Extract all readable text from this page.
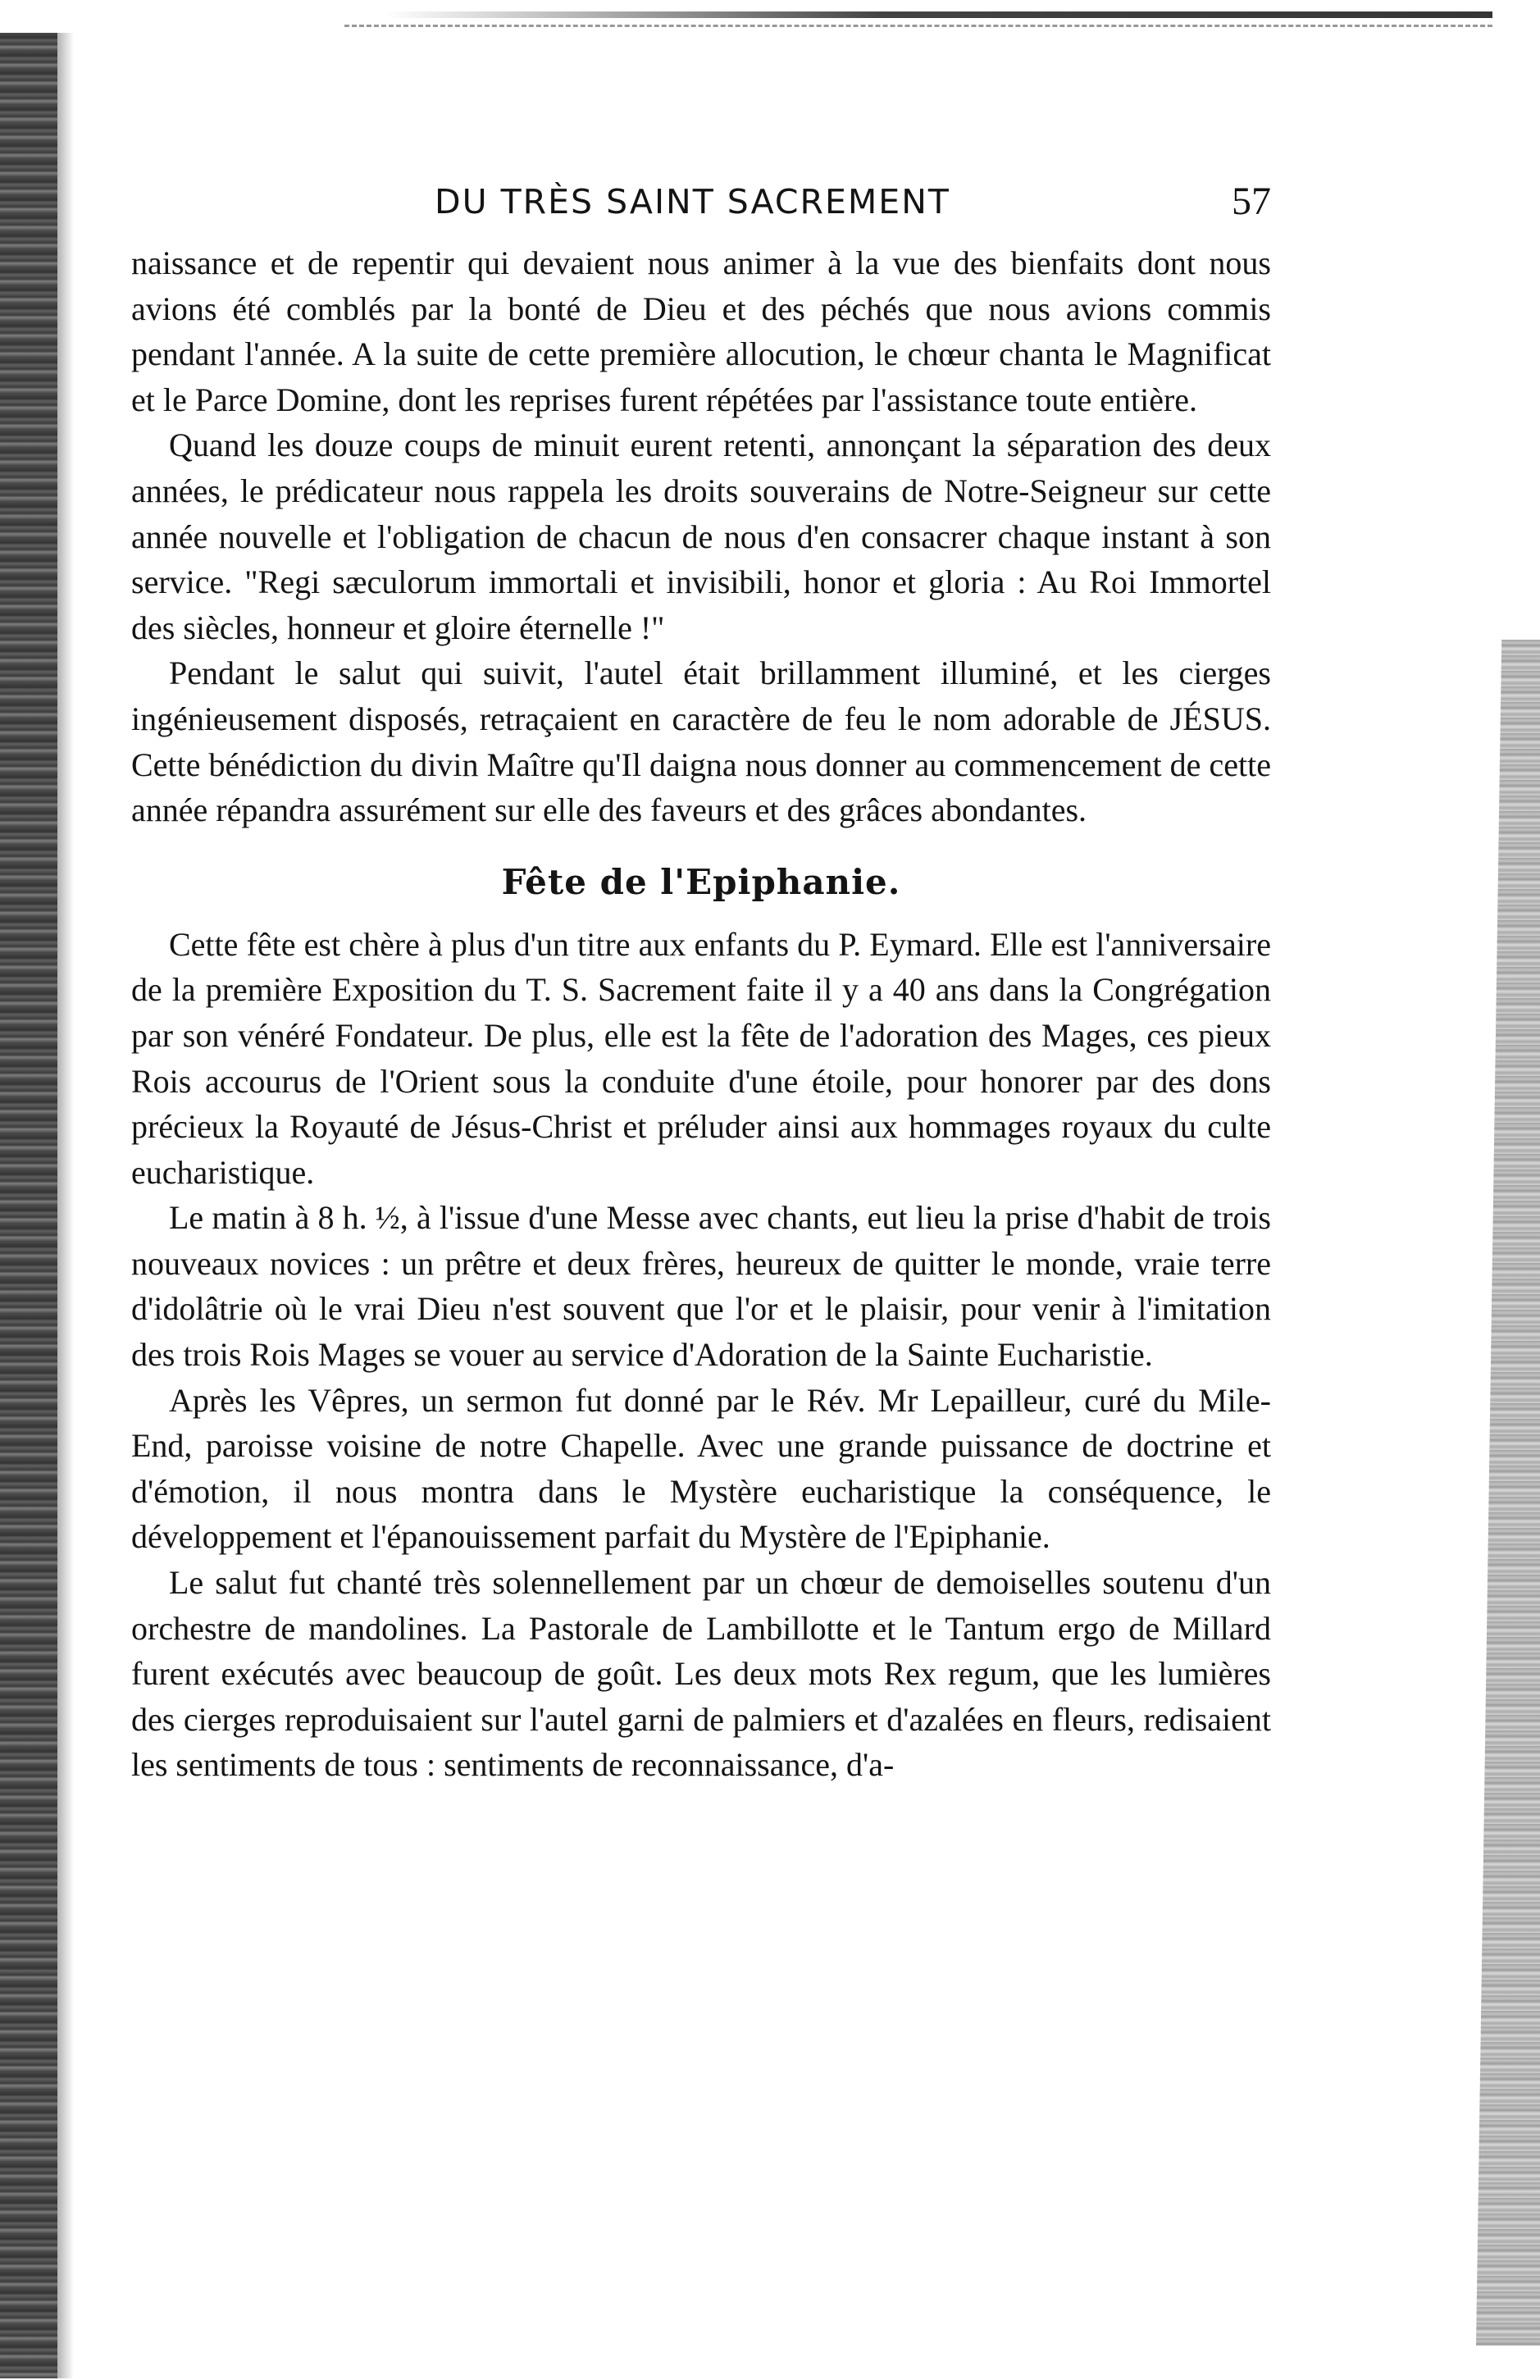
DU TRÈS SAINT SACREMENT	57

naissance et de repentir qui devaient nous animer à la vue des bienfaits dont nous avions été comblés par la bonté de Dieu et des péchés que nous avions commis pendant l'année. A la suite de cette première allocution, le chœur chanta le Magnificat et le Parce Domine, dont les reprises furent répétées par l'assistance toute entière.

Quand les douze coups de minuit eurent retenti, annonçant la séparation des deux années, le prédicateur nous rappela les droits souverains de Notre-Seigneur sur cette année nouvelle et l'obligation de chacun de nous d'en consacrer chaque instant à son service. "Regi sæculorum immortali et invisibili, honor et gloria : Au Roi Immortel des siècles, honneur et gloire éternelle !"

Pendant le salut qui suivit, l'autel était brillamment illuminé, et les cierges ingénieusement disposés, retraçaient en caractère de feu le nom adorable de JÉSUS. Cette bénédiction du divin Maître qu'Il daigna nous donner au commencement de cette année répandra assurément sur elle des faveurs et des grâces abondantes.

Fête de l'Epiphanie.

Cette fête est chère à plus d'un titre aux enfants du P. Eymard. Elle est l'anniversaire de la première Exposition du T. S. Sacrement faite il y a 40 ans dans la Congrégation par son vénéré Fondateur. De plus, elle est la fête de l'adoration des Mages, ces pieux Rois accourus de l'Orient sous la conduite d'une étoile, pour honorer par des dons précieux la Royauté de Jésus-Christ et préluder ainsi aux hommages royaux du culte eucharistique.

Le matin à 8 h. ½, à l'issue d'une Messe avec chants, eut lieu la prise d'habit de trois nouveaux novices : un prêtre et deux frères, heureux de quitter le monde, vraie terre d'idolâtrie où le vrai Dieu n'est souvent que l'or et le plaisir, pour venir à l'imitation des trois Rois Mages se vouer au service d'Adoration de la Sainte Eucharistie.

Après les Vêpres, un sermon fut donné par le Rév. Mr Lepailleur, curé du Mile-End, paroisse voisine de notre Chapelle. Avec une grande puissance de doctrine et d'émotion, il nous montra dans le Mystère eucharistique la conséquence, le développement et l'épanouissement parfait du Mystère de l'Epiphanie.

Le salut fut chanté très solennellement par un chœur de demoiselles soutenu d'un orchestre de mandolines. La Pastorale de Lambillotte et le Tantum ergo de Millard furent exécutés avec beaucoup de goût. Les deux mots Rex regum, que les lumières des cierges reproduisaient sur l'autel garni de palmiers et d'azalées en fleurs, redisaient les sentiments de tous : sentiments de reconnaissance, d'a-
